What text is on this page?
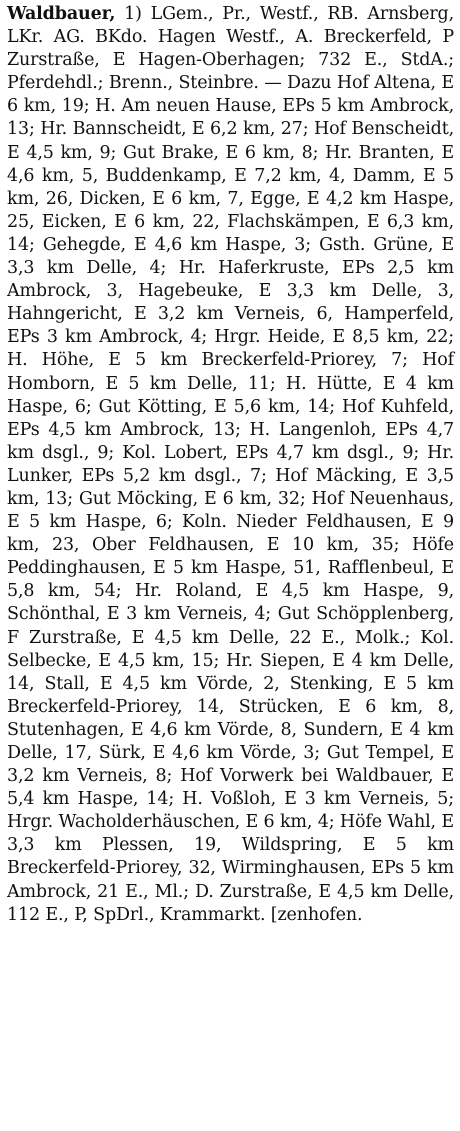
Waldbauer, 1) LGem., Pr., Westf., RB. Arnsberg, LKr. AG. BKdo. Hagen Westf., A. Breckerfeld, P Zurstraße, E Hagen-Oberhagen; 732 E., StdA.; Pferdehdl.; Brenn., Steinbre. — Dazu Hof Altena, E 6 km, 19; H. Am neuen Hause, EPs 5 km Ambrock, 13; Hr. Bannscheidt, E 6,2 km, 27; Hof Benscheidt, E 4,5 km, 9; Gut Brake, E 6 km, 8; Hr. Branten, E 4,6 km, 5, Buddenkamp, E 7,2 km, 4, Damm, E 5 km, 26, Dicken, E 6 km, 7, Egge, E 4,2 km Haspe, 25, Eicken, E 6 km, 22, Flachskämpen, E 6,3 km, 14; Gehegde, E 4,6 km Haspe, 3; Gsth. Grüne, E 3,3 km Delle, 4; Hr. Haferkruste, EPs 2,5 km Ambrock, 3, Hagebeuke, E 3,3 km Delle, 3, Hahngericht, E 3,2 km Verneis, 6, Hamperfeld, EPs 3 km Ambrock, 4; Hrgr. Heide, E 8,5 km, 22; H. Höhe, E 5 km Breckerfeld-Priorey, 7; Hof Homborn, E 5 km Delle, 11; H. Hütte, E 4 km Haspe, 6; Gut Kötting, E 5,6 km, 14; Hof Kuhfeld, EPs 4,5 km Ambrock, 13; H. Langenloh, EPs 4,7 km dsgl., 9; Kol. Lobert, EPs 4,7 km dsgl., 9; Hr. Lunker, EPs 5,2 km dsgl., 7; Hof Mäcking, E 3,5 km, 13; Gut Möcking, E 6 km, 32; Hof Neuenhaus, E 5 km Haspe, 6; Koln. Nieder Feldhausen, E 9 km, 23, Ober Feldhausen, E 10 km, 35; Höfe Peddinghausen, E 5 km Haspe, 51, Rafflenbeul, E 5,8 km, 54; Hr. Roland, E 4,5 km Haspe, 9, Schönthal, E 3 km Verneis, 4; Gut Schöpplenberg, F Zurstraße, E 4,5 km Delle, 22 E., Molk.; Kol. Selbecke, E 4,5 km, 15; Hr. Siepen, E 4 km Delle, 14, Stall, E 4,5 km Vörde, 2, Stenking, E 5 km Breckerfeld-Priorey, 14, Strücken, E 6 km, 8, Stutenhagen, E 4,6 km Vörde, 8, Sundern, E 4 km Delle, 17, Sürk, E 4,6 km Vörde, 3; Gut Tempel, E 3,2 km Verneis, 8; Hof Vorwerk bei Waldbauer, E 5,4 km Haspe, 14; H. Voßloh, E 3 km Verneis, 5; Hrgr. Wacholderhäuschen, E 6 km, 4; Höfe Wahl, E 3,3 km Plessen, 19, Wildspring, E 5 km Breckerfeld-Priorey, 32, Wirminghausen, EPs 5 km Ambrock, 21 E., Ml.; D. Zurstraße, E 4,5 km Delle, 112 E., P, SpDrl., Krammarkt. [zenhofen.
